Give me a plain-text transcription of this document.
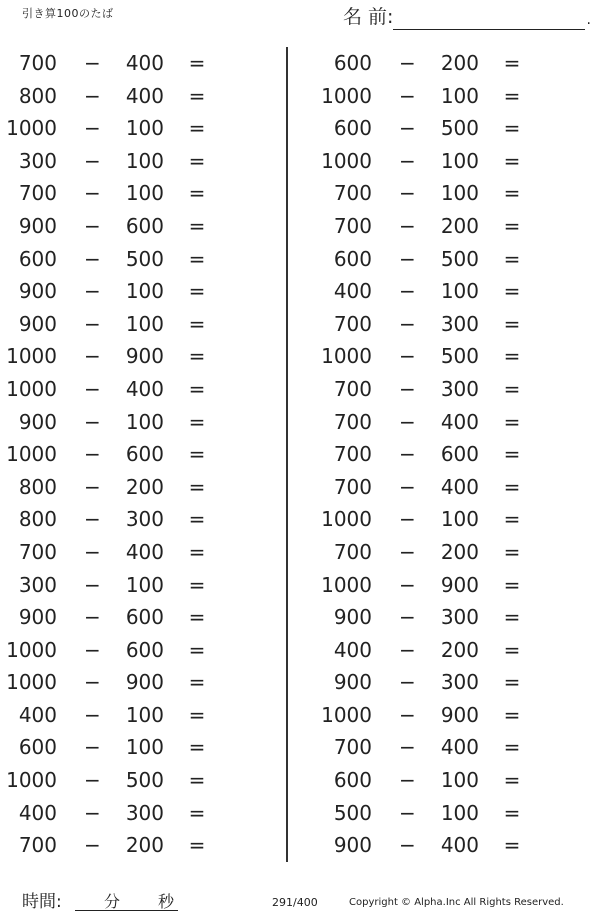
引き算100のたば	名 前:	.
700 − 400 =
800 − 400 =
1000 − 100 =
300 − 100 =
700 − 100 =
900 − 600 =
600 − 500 =
900 − 100 =
900 − 100 =
1000 − 900 =
1000 − 400 =
900 − 100 =
1000 − 600 =
800 − 200 =
800 − 300 =
700 − 400 =
300 − 100 =
900 − 600 =
1000 − 600 =
1000 − 900 =
400 − 100 =
600 − 100 =
1000 − 500 =
400 − 300 =
700 − 200 =
600 − 200 =
1000 − 100 =
600 − 500 =
1000 − 100 =
700 − 100 =
700 − 200 =
600 − 500 =
400 − 100 =
700 − 300 =
1000 − 500 =
700 − 300 =
700 − 400 =
700 − 600 =
700 − 400 =
1000 − 100 =
700 − 200 =
1000 − 900 =
900 − 300 =
400 − 200 =
900 − 300 =
1000 − 900 =
700 − 400 =
600 − 100 =
500 − 100 =
900 − 400 =
時間:	分 秒	291/400	Copyright © Alpha.Inc All Rights Reserved.
